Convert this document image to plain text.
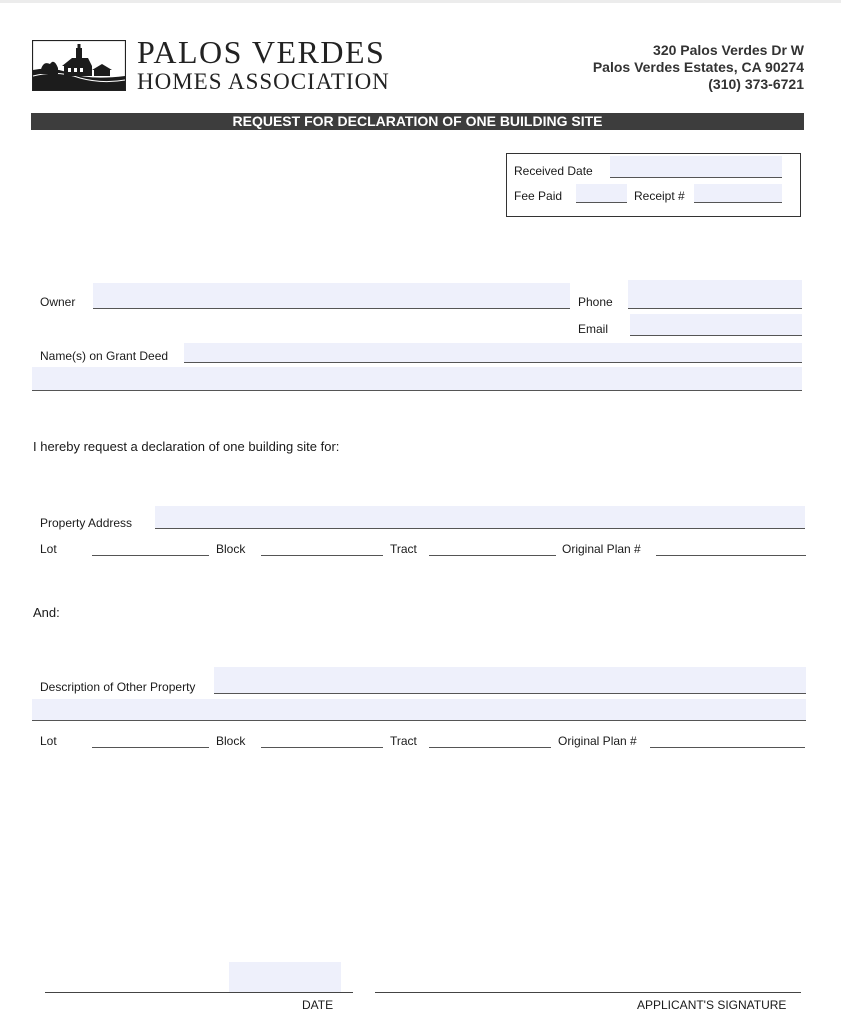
PALOS VERDES
HOMES ASSOCIATION
320 Palos Verdes Dr W
Palos Verdes Estates, CA 90274
(310) 373-6721
REQUEST FOR DECLARATION OF ONE BUILDING SITE
Received Date
Fee Paid	Receipt #
Owner	Phone
Email
Name(s) on Grant Deed
I hereby request a declaration of one building site for:
Property Address
Lot	Block	Tract	Original Plan #
And:
Description of Other Property
Lot	Block	Tract	Original Plan #
DATE	APPLICANT'S SIGNATURE
